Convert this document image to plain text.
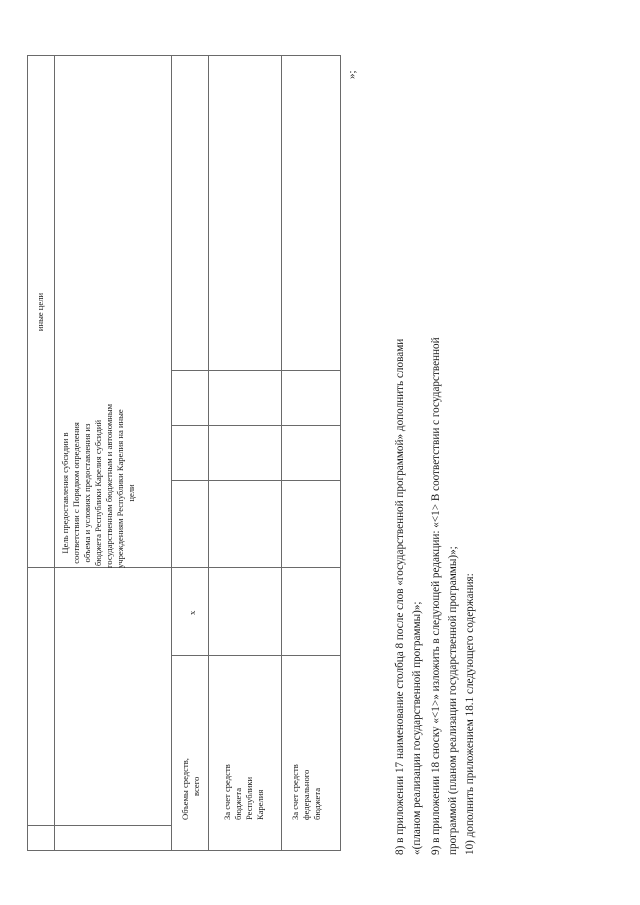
иные цели
Цель предоставления субсидии в соответствии с Порядком определения объема и условиях предоставления из бюджета Республики Карелия субсидий государственным бюджетным и автономным учреждениям Республики Карелия на иные цели
Объемы средств, всего За счет средств бюджета Республики Карелия	За счет средств федерального бюджета
х
»;
8) в приложении 17 наименование столбца 8 после слов «государственной программой» дополнить словами «(планом реализации государственной программы)»; 9) в приложении 18 сноску «<1>» изложить в следующей редакции: «<1> В соответствии с государственной программой (планом реализации государственной программы)»; 10) дополнить приложением 18.1 следующего содержания:
